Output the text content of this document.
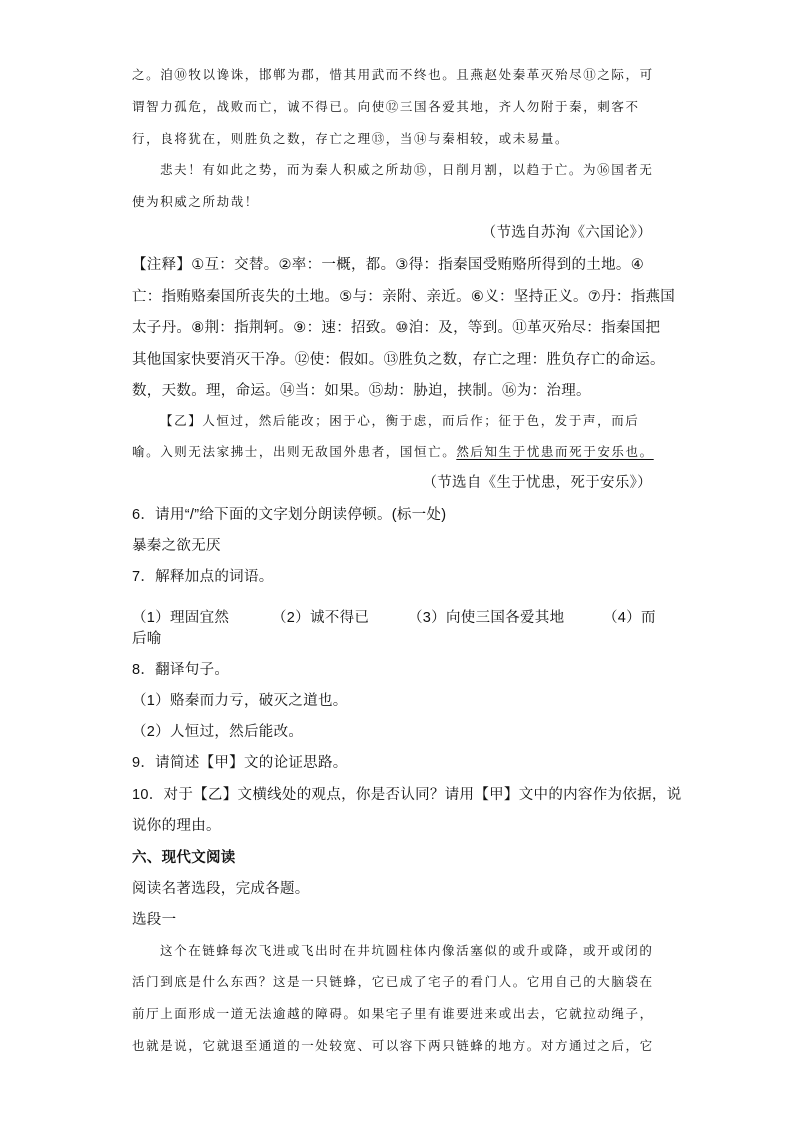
之。洎⑩牧以谗诛，邯郸为郡，惜其用武而不终也。且燕赵处秦革灭殆尽⑪之际，可
谓智力孤危，战败而亡，诚不得已。向使⑫三国各爱其地，齐人勿附于秦，刺客不
行，良将犹在，则胜负之数，存亡之理⑬，当⑭与秦相较，或未易量。
悲夫！有如此之势，而为秦人积威之所劫⑮，日削月割，以趋于亡。为⑯国者无
使为积威之所劫哉！
（节选自苏洵《六国论》）
【注释】①互：交替。②率：一概，都。③得：指秦国受贿赂所得到的土地。④
亡：指贿赂秦国所丧失的土地。⑤与：亲附、亲近。⑥义：坚持正义。⑦丹：指燕国
太子丹。⑧荆：指荆轲。⑨：速：招致。⑩洎：及，等到。⑪革灭殆尽：指秦国把
其他国家快要消灭干净。⑫使：假如。⑬胜负之数，存亡之理：胜负存亡的命运。
数，天数。理，命运。⑭当：如果。⑮劫：胁迫，挟制。⑯为：治理。
【乙】人恒过，然后能改；困于心，衡于虑，而后作；征于色，发于声，而后
喻。入则无法家拂士，出则无敌国外患者，国恒亡。然后知生于忧患而死于安乐也。
（节选自《生于忧患，死于安乐》）
6．请用“/”给下面的文字划分朗读停顿。(标一处)
暴秦之欲无厌
7．解释加点的词语。
（1）理固宜然	（2）诚不得已	（3）向使三国各爱其地	（4）而
后喻
8．翻译句子。
（1）赂秦而力亏，破灭之道也。
（2）人恒过，然后能改。
9．请简述【甲】文的论证思路。
10．对于【乙】文横线处的观点，你是否认同？请用【甲】文中的内容作为依据，说
说你的理由。
六、现代文阅读
阅读名著选段，完成各题。
选段一
这个在链蜂每次飞进或飞出时在井坑圆柱体内像活塞似的或升或降，或开或闭的
活门到底是什么东西？这是一只链蜂，它已成了宅子的看门人。它用自己的大脑袋在
前厅上面形成一道无法逾越的障碍。如果宅子里有谁要进来或出去，它就拉动绳子，
也就是说，它就退至通道的一处较宽、可以容下两只链蜂的地方。对方通过之后，它
